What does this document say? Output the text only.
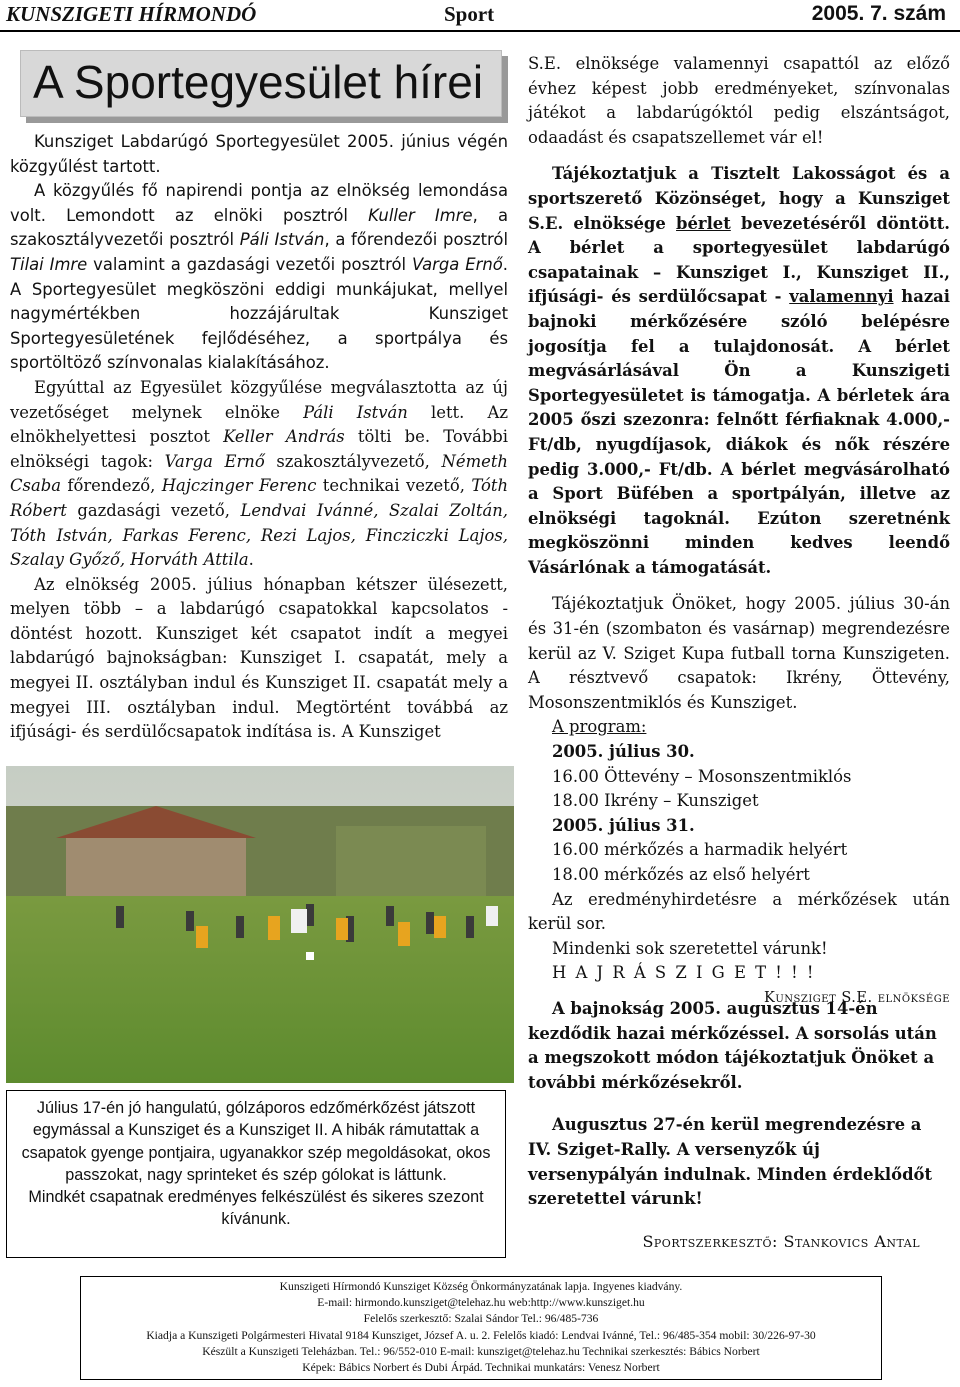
KUNSZIGETI HÍRMONDÓ	Sport	2005. 7. szám
A Sportegyesület hírei

Kunsziget Labdarúgó Sportegyesület 2005. június végén közgyűlést tartott.

A közgyűlés fő napirendi pontja az elnökség lemondása volt. Lemondott az elnöki posztról Kuller Imre, a szakosztályvezetői posztról Páli István, a főrendezői posztról Tilai Imre valamint a gazdasági vezetői posztról Varga Ernő. A Sportegyesület megköszöni eddigi munkájukat, mellyel nagymértékben hozzájárultak Kunsziget Sportegyesületének fejlődéséhez, a sportpálya és sportöltöző színvonalas kialakításához.

Egyúttal az Egyesület közgyűlése megválasztotta az új vezetőséget melynek elnöke Páli István lett. Az elnökhelyettesi posztot Keller András tölti be. További elnökségi tagok: Varga Ernő szakosztályvezető, Németh Csaba főrendező, Hajczinger Ferenc technikai vezető, Tóth Róbert gazdasági vezető, Lendvai Ivánné, Szalai Zoltán, Tóth István, Farkas Ferenc, Rezi Lajos, Fincziczki Lajos, Szalay Győző, Horváth Attila.

Az elnökség 2005. július hónapban kétszer ülésezett, melyen több – a labdarúgó csapatokkal kapcsolatos - döntést hozott. Kunsziget két csapatot indít a megyei labdarúgó bajnokságban: Kunsziget I. csapatát, mely a megyei II. osztályban indul és Kunsziget II. csapatát mely a megyei III. osztályban indul. Megtörtént továbbá az ifjúsági- és serdülőcsapatok indítása is. A Kunsziget

Július 17-én jó hangulatú, gólzáporos edzőmérkőzést játszott egymással a Kunsziget és a Kunsziget II. A hibák rámutattak a csapatok gyenge pontjaira, ugyanakkor szép megoldásokat, okos passzokat, nagy sprinteket és szép gólokat is láttunk.

Mindkét csapatnak eredményes felkészülést és sikeres szezont kívánunk.

S.E. elnöksége valamennyi csapattól az előző évhez képest jobb eredményeket, színvonalas játékot a labdarúgóktól pedig elszántságot, odaadást és csapatszellemet vár el!

Tájékoztatjuk a Tisztelt Lakosságot és a sportszerető Közönséget, hogy a Kunsziget S.E. elnöksége bérlet bevezetéséről döntött. A bérlet a sportegyesület labdarúgó csapatainak – Kunsziget I., Kunsziget II., ifjúsági- és serdülőcsapat - valamennyi hazai bajnoki mérkőzésére szóló belépésre jogosítja fel a tulajdonosát. A bérlet megvásárlásával Ön a Kunszigeti Sportegyesületet is támogatja. A bérletek ára 2005 őszi szezonra: felnőtt férfiaknak 4.000,- Ft/db, nyugdíjasok, diákok és nők részére pedig 3.000,- Ft/db. A bérlet megvásárolható a Sport Büfében a sportpályán, illetve az elnökségi tagoknál. Ezúton szeretnénk megköszönni minden kedves leendő Vásárlónak a támogatását.

Tájékoztatjuk Önöket, hogy 2005. július 30-án és 31-én (szombaton és vasárnap) megrendezésre kerül az V. Sziget Kupa futball torna Kunszigeten. A résztvevő csapatok: Ikrény, Öttevény, Mosonszentmiklós és Kunsziget.

A program:

2005. július 30.

16.00 Öttevény – Mosonszentmiklós

18.00 Ikrény – Kunsziget

2005. július 31.

16.00 mérkőzés a harmadik helyért

18.00 mérkőzés az első helyért

Az eredményhirdetésre a mérkőzések után kerül sor.

Mindenki sok szeretettel várunk!

H A J R Á S Z I G E T ! ! !

Kunsziget S.E. elnöksége

A bajnokság 2005. augusztus 14-én kezdődik hazai mérkőzéssel. A sorsolás után a megszokott módon tájékoztatjuk Önöket a további mérkőzésekről.

Augusztus 27-én kerül megrendezésre a IV. Sziget-Rally. A versenyzők új versenypályán indulnak. Minden érdeklődőt szeretettel várunk!

Sportszerkesztő: Stankovics Antal

Kunszigeti Hírmondó Kunsziget Község Önkormányzatának lapja. Ingyenes kiadvány.

E-mail: hirmondo.kunsziget@telehaz.hu web:http://www.kunsziget.hu

Felelős szerkesztő: Szalai Sándor Tel.: 96/485-736

Kiadja a Kunszigeti Polgármesteri Hivatal 9184 Kunsziget, József A. u. 2. Felelős kiadó: Lendvai Ivánné, Tel.: 96/485-354 mobil: 30/226-97-30

Készült a Kunszigeti Teleházban. Tel.: 96/552-010 E-mail: kunsziget@telehaz.hu Technikai szerkesztés: Bábics Norbert

Képek: Bábics Norbert és Dubi Árpád. Technikai munkatárs: Venesz Norbert
